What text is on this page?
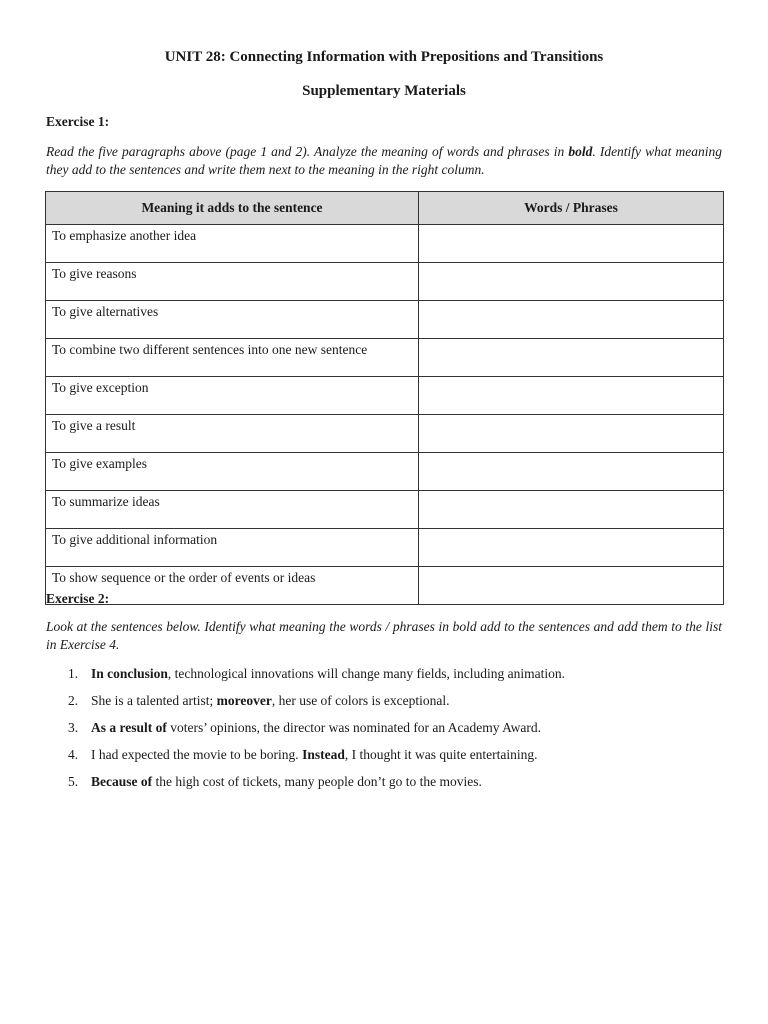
UNIT 28: Connecting Information with Prepositions and Transitions
Supplementary Materials
Exercise 1:
Read the five paragraphs above (page 1 and 2). Analyze the meaning of words and phrases in bold. Identify what meaning they add to the sentences and write them next to the meaning in the right column.
Meaning it adds to the sentence	Words / Phrases
To emphasize another idea	
To give reasons	
To give alternatives	
To combine two different sentences into one new sentence	
To give exception	
To give a result	
To give examples	
To summarize ideas	
To give additional information	
To show sequence or the order of events or ideas	
Exercise 2:
Look at the sentences below. Identify what meaning the words / phrases in bold add to the sentences and add them to the list in Exercise 4.
1. In conclusion, technological innovations will change many fields, including animation.
2. She is a talented artist; moreover, her use of colors is exceptional.
3. As a result of voters’ opinions, the director was nominated for an Academy Award.
4. I had expected the movie to be boring. Instead, I thought it was quite entertaining.
5. Because of the high cost of tickets, many people don’t go to the movies.
